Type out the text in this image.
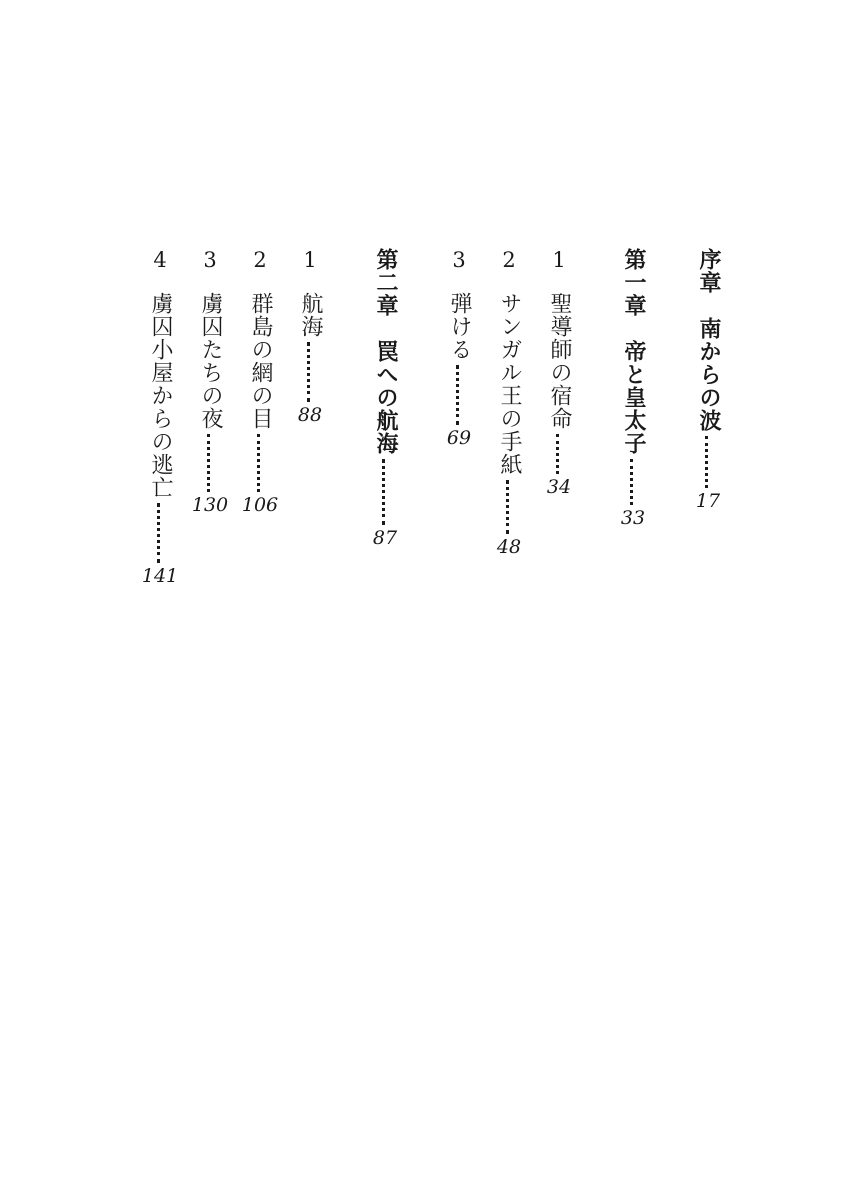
序章　南からの波
17
第一章　帝と皇太子
33
1
聖導師の宿命
34
2
サンガル王の手紙
48
3
弾ける
69
第二章　罠への航海
87
1
航海
88
2
群島の網の目
106
3
虜囚たちの夜
130
4
虜囚小屋からの逃亡
141
